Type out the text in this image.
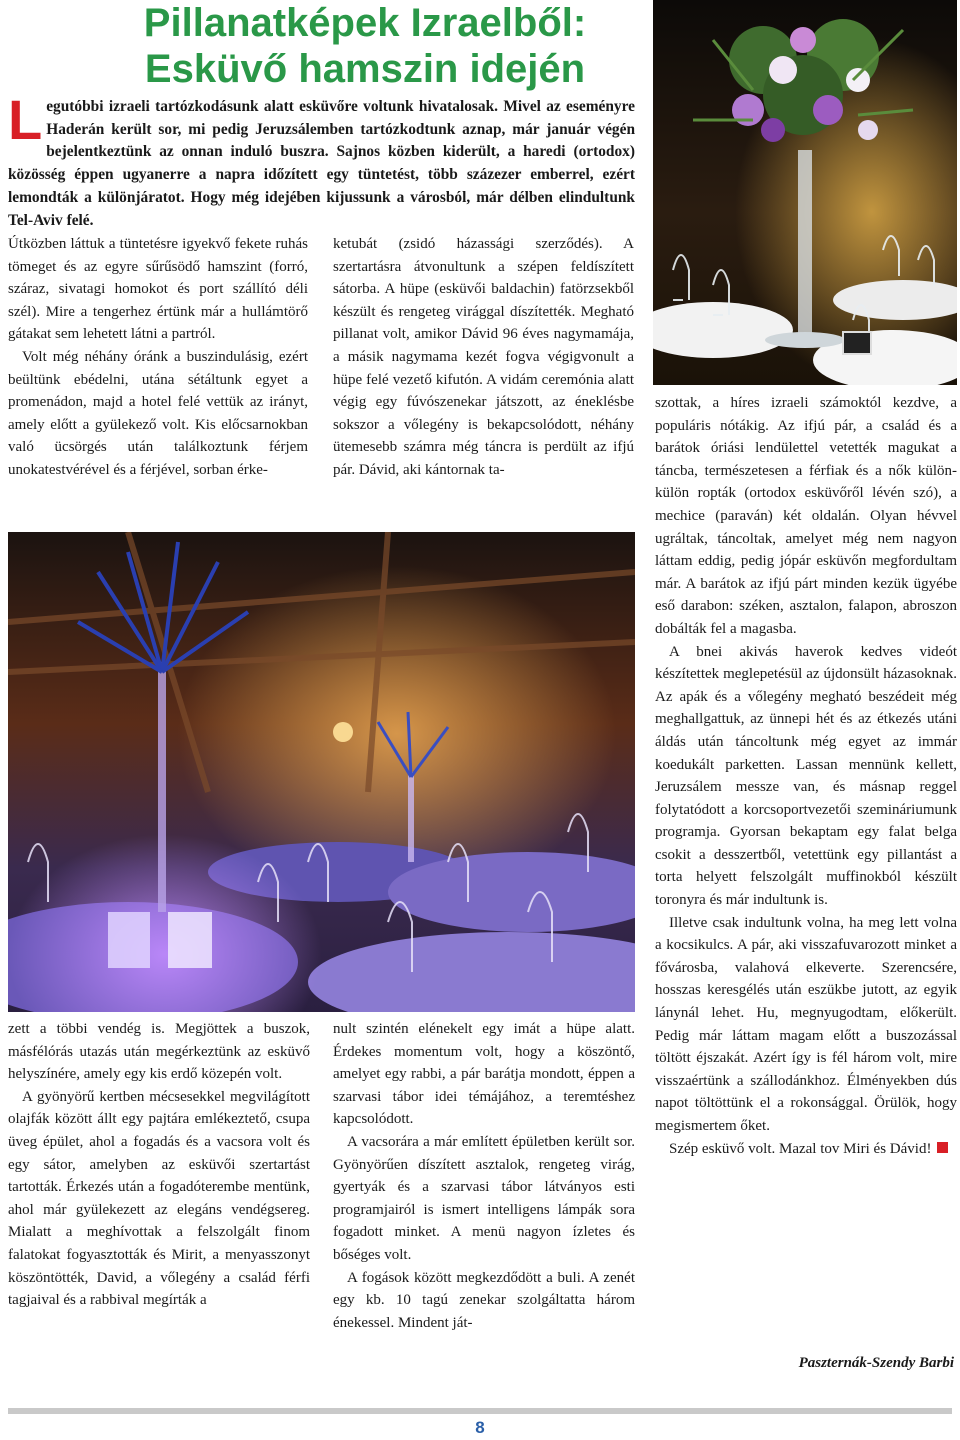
Pillanatképek Izraelből:
Esküvő hamszin idején

Legutóbbi izraeli tartózkodásunk alatt esküvőre voltunk hivatalosak. Mivel az eseményre Haderán került sor, mi pedig Jeruzsálemben tartózkodtunk aznap, már január végén bejelentkeztünk az onnan induló buszra. Sajnos közben kiderült, a haredi (ortodox) közösség éppen ugyanerre a napra időzített egy tüntetést, több százezer emberrel, ezért lemondták a különjáratot. Hogy még idejében kijussunk a városból, már délben elindultunk Tel-Aviv felé.

Útközben láttuk a tüntetésre igyekvő fekete ruhás tömeget és az egyre sűrűsödő hamszint (forró, száraz, sivatagi homokot és port szállító déli szél). Mire a tengerhez értünk már a hullámtörő gátakat sem lehetett látni a partról.

Volt még néhány óránk a buszindulásig, ezért beültünk ebédelni, utána sétáltunk egyet a promenádon, majd a hotel felé vettük az irányt, amely előtt a gyülekező volt. Kis előcsarnokban való ücsörgés után találkoztunk férjem unokatestvérével és a férjével, sorban érke-

ketubát (zsidó házassági szerződés). A szertartásra átvonultunk a szépen feldíszített sátorba. A hüpe (esküvői baldachin) fatörzsekből készült és rengeteg virággal díszítették. Megható pillanat volt, amikor Dávid 96 éves nagymamája, a másik nagymama kezét fogva végigvonult a hüpe felé vezető kifutón. A vidám ceremónia alatt végig egy fúvószenekar játszott, az éneklésbe sokszor a vőlegény is bekapcsolódott, néhány ütemesebb számra még táncra is perdült az ifjú pár. Dávid, aki kántornak ta-

szottak, a híres izraeli számoktól kezdve, a populáris nótákig. Az ifjú pár, a család és a barátok óriási lendülettel vetették magukat a táncba, természetesen a férfiak és a nők külön-külön ropták (ortodox esküvőről lévén szó), a mechice (paraván) két oldalán. Olyan hévvel ugráltak, táncoltak, amelyet még nem nagyon láttam eddig, pedig jópár esküvőn megfordultam már. A barátok az ifjú párt minden kezük ügyébe eső darabon: széken, asztalon, falapon, abroszon dobálták fel a magasba.

A bnei akivás haverok kedves videót készítettek meglepetésül az újdonsült házasoknak. Az apák és a vőlegény megható beszédeit még meghallgattuk, az ünnepi hét és az étkezés utáni áldás után táncoltunk még egyet az immár koedukált parketten. Lassan mennünk kellett, Jeruzsálem messze van, és másnap reggel folytatódott a korcsoportvezetői szemináriumunk programja. Gyorsan bekaptam egy falat belga csokit a desszertből, vetettünk egy pillantást a torta helyett felszolgált muffinokból készült toronyra és már indultunk is.

Illetve csak indultunk volna, ha meg lett volna a kocsikulcs. A pár, aki visszafuvarozott minket a fővárosba, valahová elkeverte. Szerencsére, hosszas keresgélés után eszükbe jutott, az egyik lánynál lehet. Hu, megnyugodtam, előkerült. Pedig már láttam magam előtt a buszozással töltött éjszakát. Azért így is fél három volt, mire visszaértünk a szállodánkhoz. Élményekben dús napot töltöttünk el a rokonsággal. Örülök, hogy megismertem őket.

Szép esküvő volt. Mazal tov Miri és Dávid!

zett a többi vendég is. Megjöttek a buszok, másfélórás utazás után megérkeztünk az esküvő helyszínére, amely egy kis erdő közepén volt.

A gyönyörű kertben mécsesekkel megvilágított olajfák között állt egy pajtára emlékeztető, csupa üveg épület, ahol a fogadás és a vacsora volt és egy sátor, amelyben az esküvői szertartást tartották. Érkezés után a fogadóterembe mentünk, ahol már gyülekezett az elegáns vendégsereg. Mialatt a meghívottak a felszolgált finom falatokat fogyasztották és Mirit, a menyasszonyt köszöntötték, David, a vőlegény a család férfi tagjaival és a rabbival megírták a

nult szintén elénekelt egy imát a hüpe alatt. Érdekes momentum volt, hogy a köszöntő, amelyet egy rabbi, a pár barátja mondott, éppen a szarvasi tábor idei témájához, a teremtéshez kapcsolódott.

A vacsorára a már említett épületben került sor. Gyönyörűen díszített asztalok, rengeteg virág, gyertyák és a szarvasi tábor látványos esti programjairól is ismert intelligens lámpák sora fogadott minket. A menü nagyon ízletes és bőséges volt.

A fogások között megkezdődött a buli. A zenét egy kb. 10 tagú zenekar szolgáltatta három énekessel. Mindent ját-

Paszternák-Szendy Barbi

8
